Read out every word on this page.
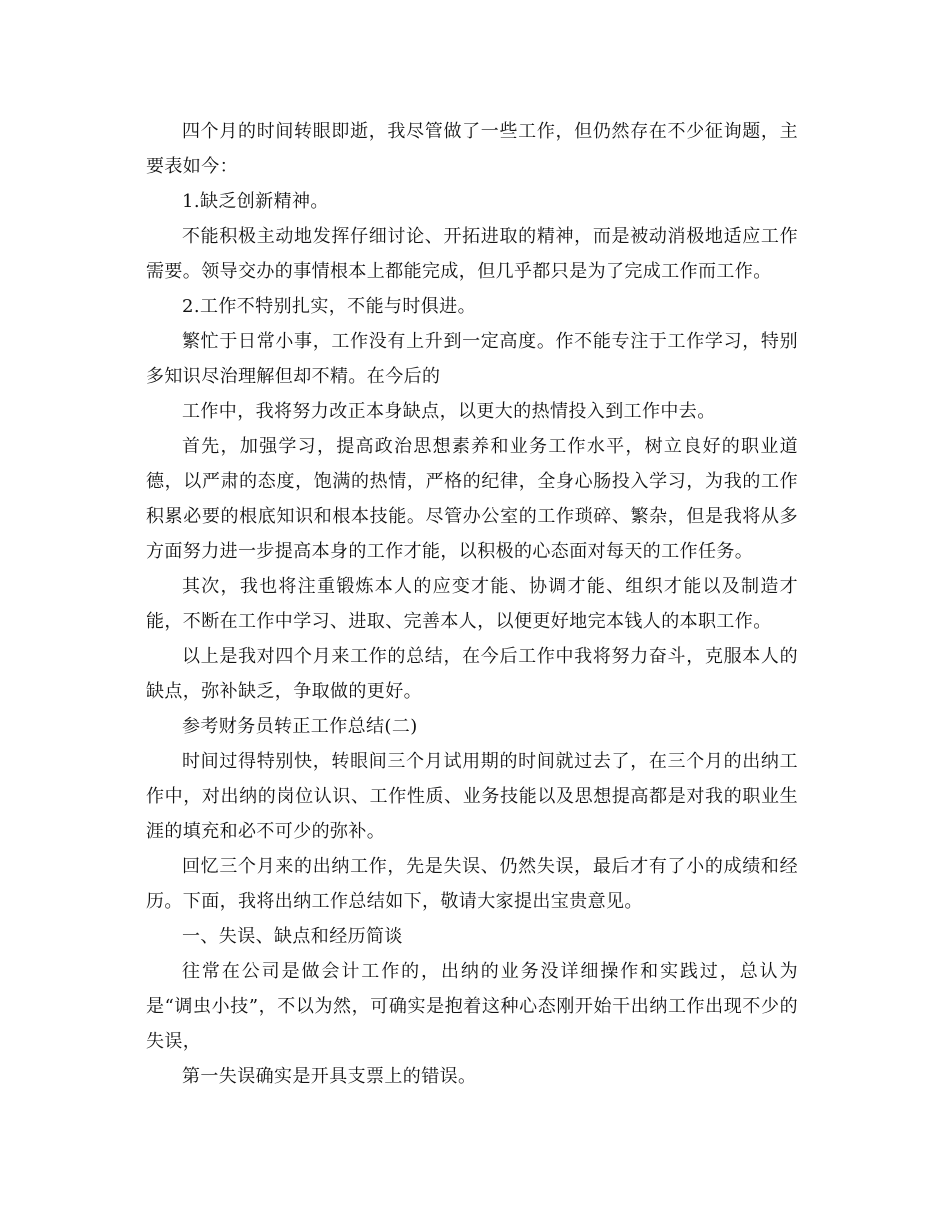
四个月的时间转眼即逝，我尽管做了一些工作，但仍然存在不少征询题，主要表如今：

1.缺乏创新精神。

不能积极主动地发挥仔细讨论、开拓进取的精神，而是被动消极地适应工作需要。领导交办的事情根本上都能完成，但几乎都只是为了完成工作而工作。

2.工作不特别扎实，不能与时俱进。

繁忙于日常小事，工作没有上升到一定高度。作不能专注于工作学习，特别多知识尽治理解但却不精。在今后的

工作中，我将努力改正本身缺点，以更大的热情投入到工作中去。

首先，加强学习，提高政治思想素养和业务工作水平，树立良好的职业道德，以严肃的态度，饱满的热情，严格的纪律，全身心肠投入学习，为我的工作积累必要的根底知识和根本技能。尽管办公室的工作琐碎、繁杂，但是我将从多方面努力进一步提高本身的工作才能，以积极的心态面对每天的工作任务。

其次，我也将注重锻炼本人的应变才能、协调才能、组织才能以及制造才能，不断在工作中学习、进取、完善本人，以便更好地完本钱人的本职工作。

以上是我对四个月来工作的总结，在今后工作中我将努力奋斗，克服本人的缺点，弥补缺乏，争取做的更好。

参考财务员转正工作总结(二)

时间过得特别快，转眼间三个月试用期的时间就过去了，在三个月的出纳工作中，对出纳的岗位认识、工作性质、业务技能以及思想提高都是对我的职业生涯的填充和必不可少的弥补。

回忆三个月来的出纳工作，先是失误、仍然失误，最后才有了小的成绩和经历。下面，我将出纳工作总结如下，敬请大家提出宝贵意见。

一、失误、缺点和经历简谈

往常在公司是做会计工作的，出纳的业务没详细操作和实践过，总认为是“调虫小技”，不以为然，可确实是抱着这种心态刚开始干出纳工作出现不少的失误，

第一失误确实是开具支票上的错误。
